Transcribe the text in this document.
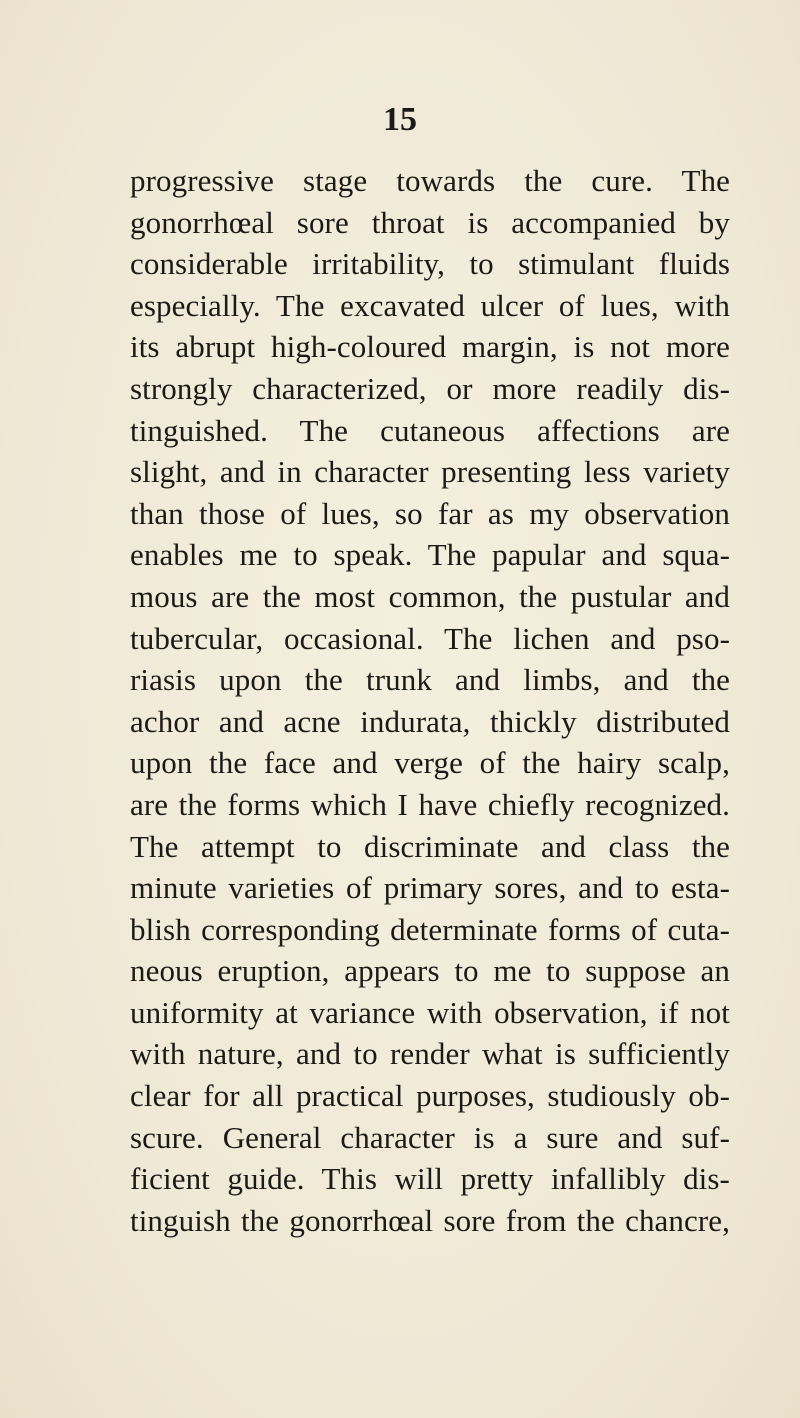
15
progressive stage towards the cure. The
gonorrhœal sore throat is accompanied by
considerable irritability, to stimulant fluids
especially. The excavated ulcer of lues, with
its abrupt high-coloured margin, is not more
strongly characterized, or more readily dis-
tinguished. The cutaneous affections are
slight, and in character presenting less variety
than those of lues, so far as my observation
enables me to speak. The papular and squa-
mous are the most common, the pustular and
tubercular, occasional. The lichen and pso-
riasis upon the trunk and limbs, and the
achor and acne indurata, thickly distributed
upon the face and verge of the hairy scalp,
are the forms which I have chiefly recognized.
The attempt to discriminate and class the
minute varieties of primary sores, and to esta-
blish corresponding determinate forms of cuta-
neous eruption, appears to me to suppose an
uniformity at variance with observation, if not
with nature, and to render what is sufficiently
clear for all practical purposes, studiously ob-
scure. General character is a sure and suf-
ficient guide. This will pretty infallibly dis-
tinguish the gonorrhœal sore from the chancre,
